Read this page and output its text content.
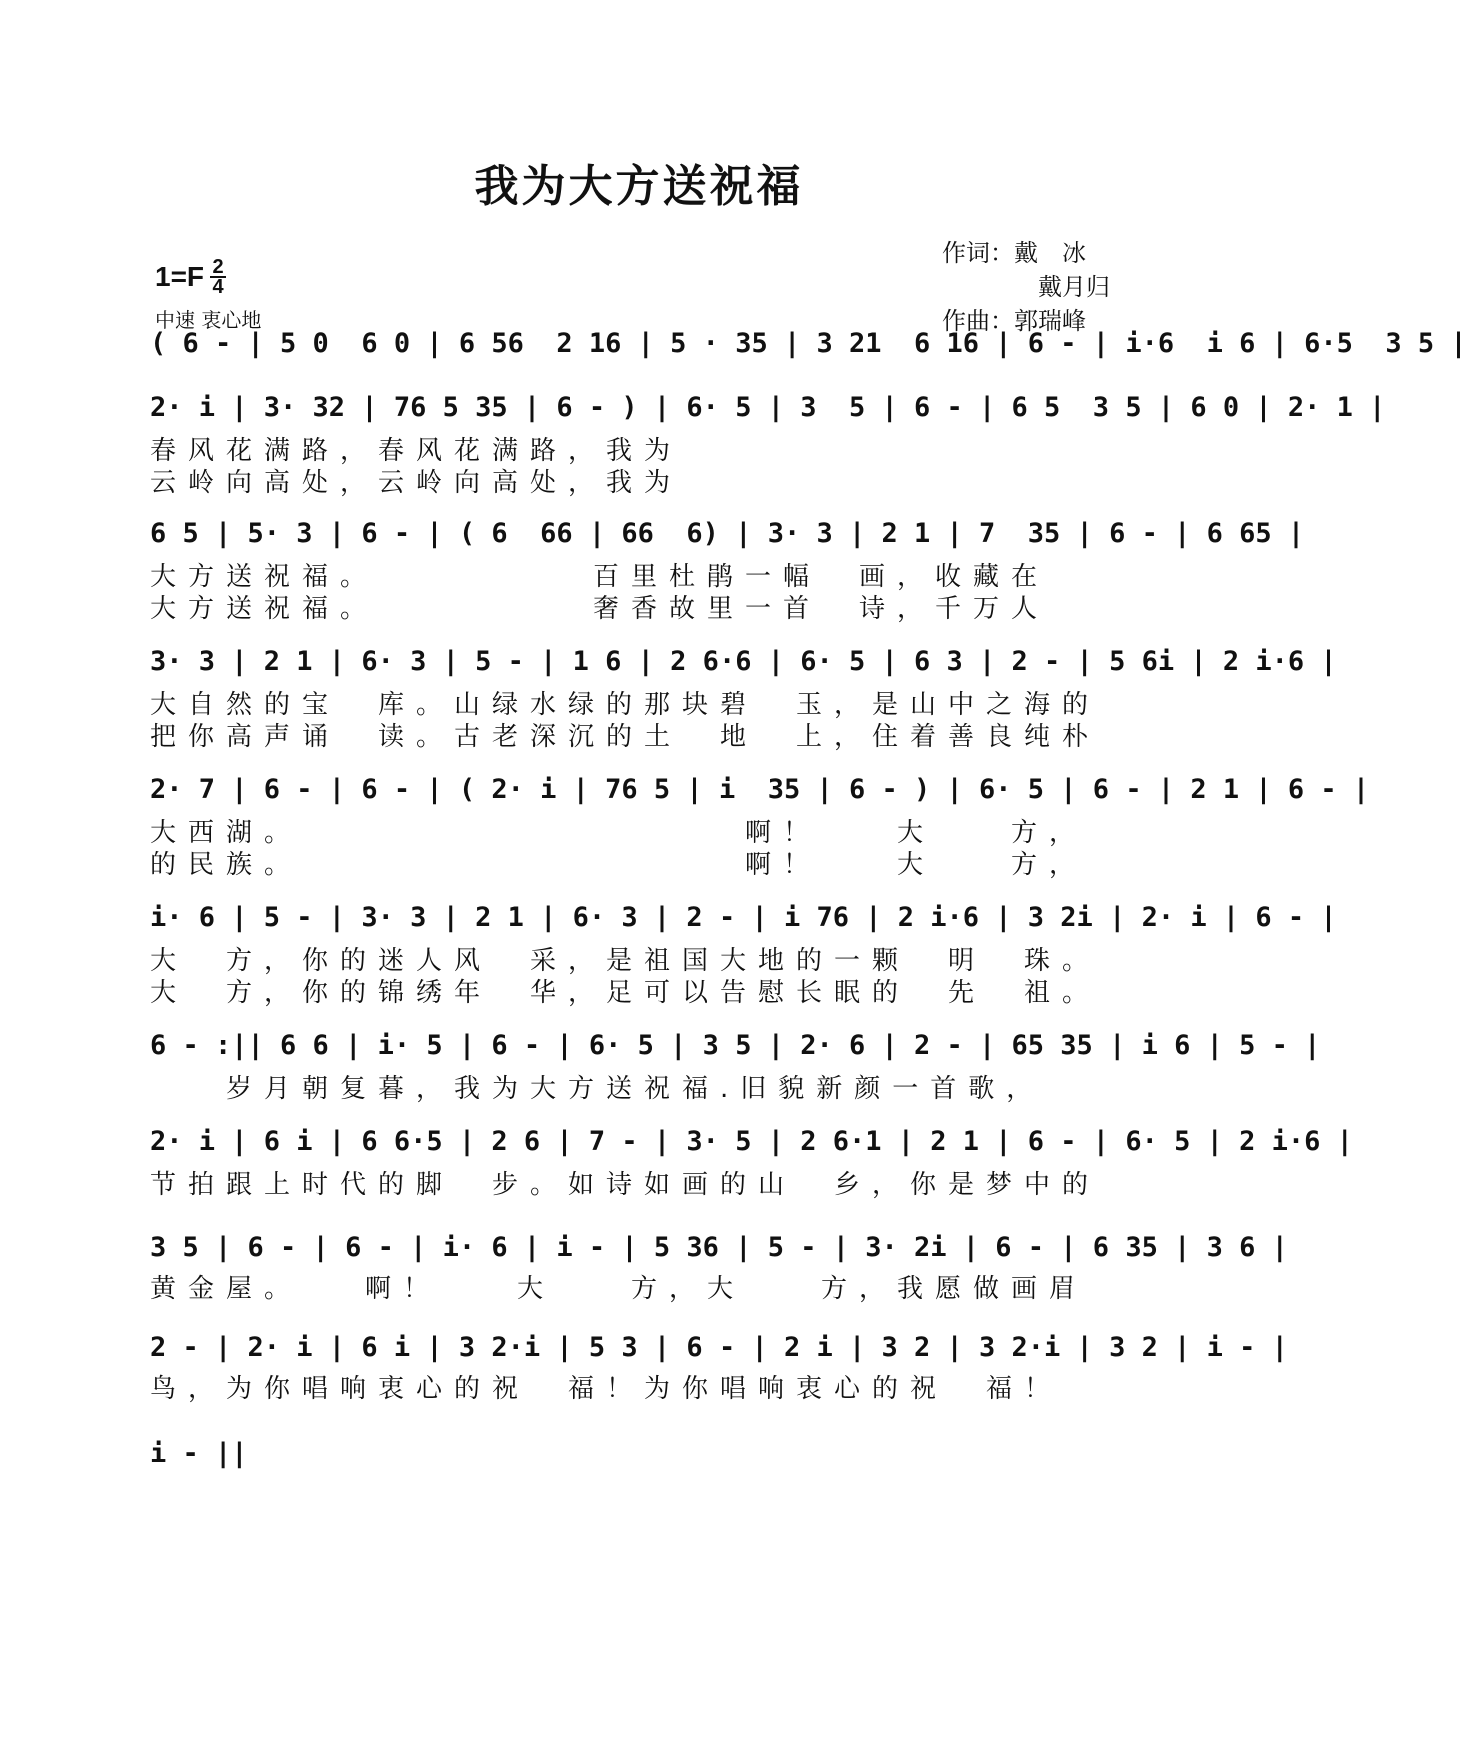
我为大方送祝福
$1=F \frac{2}{4}$
中速 衷心地
作词：戴　冰
戴月归
作曲：郭瑞峰
( 6 - | 5 0  6 0 | 6 56  2 16 | 5 · 35 | 3 21  6 16 | 6 - | i·6  i 6 | 6·5  3 5 |
2· i | 3· 32 | 76 5 35 | 6 - ) | 6· 5 | 3  5 | 6 - | 6 5  3 5 | 6 0 | 2· 1 |
春风花满路，春风花满路，我为
云岭向高处，云岭向高处，我为
6 5 | 5· 3 | 6 - | ( 6  66 | 66  6) | 3· 3 | 2 1 | 7  35 | 6 - | 6 65 |
大方送祝福。　　　　　　百里杜鹃一幅　画，收藏在
大方送祝福。　　　　　　奢香故里一首　诗，千万人
3· 3 | 2 1 | 6· 3 | 5 - | 1 6 | 2 6·6 | 6· 5 | 6 3 | 2 - | 5 6i | 2 i·6 |
大自然的宝　库。山绿水绿的那块碧　玉，是山中之海的
把你高声诵　读。古老深沉的土　地　上，住着善良纯朴
2· 7 | 6 - | 6 - | ( 2· i | 76 5 | i  35 | 6 - ) | 6· 5 | 6 - | 2 1 | 6 - |
大西湖。　　　　　　　　　　　　啊！　　大　　方，
的民族。　　　　　　　　　　　　啊！　　大　　方，
i· 6 | 5 - | 3· 3 | 2 1 | 6· 3 | 2 - | i 76 | 2 i·6 | 3 2i | 2· i | 6 - |
大　方，你的迷人风　采，是祖国大地的一颗　明　珠。
大　方，你的锦绣年　华，足可以告慰长眠的　先　祖。
6 - :|| 6 6 | i· 5 | 6 - | 6· 5 | 3 5 | 2· 6 | 2 - | 65 35 | i 6 | 5 - |
　　岁月朝复暮，我为大方送祝福.旧貌新颜一首歌，
2· i | 6 i | 6 6·5 | 2 6 | 7 - | 3· 5 | 2 6·1 | 2 1 | 6 - | 6· 5 | 2 i·6 |
节拍跟上时代的脚　步。如诗如画的山　乡，你是梦中的
3 5 | 6 - | 6 - | i· 6 | i - | 5 36 | 5 - | 3· 2i | 6 - | 6 35 | 3 6 |
黄金屋。　　啊！　　大　　方，大　　方，我愿做画眉
2 - | 2· i | 6 i | 3 2·i | 5 3 | 6 - | 2 i | 3 2 | 3 2·i | 3 2 | i - |
鸟，为你唱响衷心的祝　福！为你唱响衷心的祝　福！
i - ||
